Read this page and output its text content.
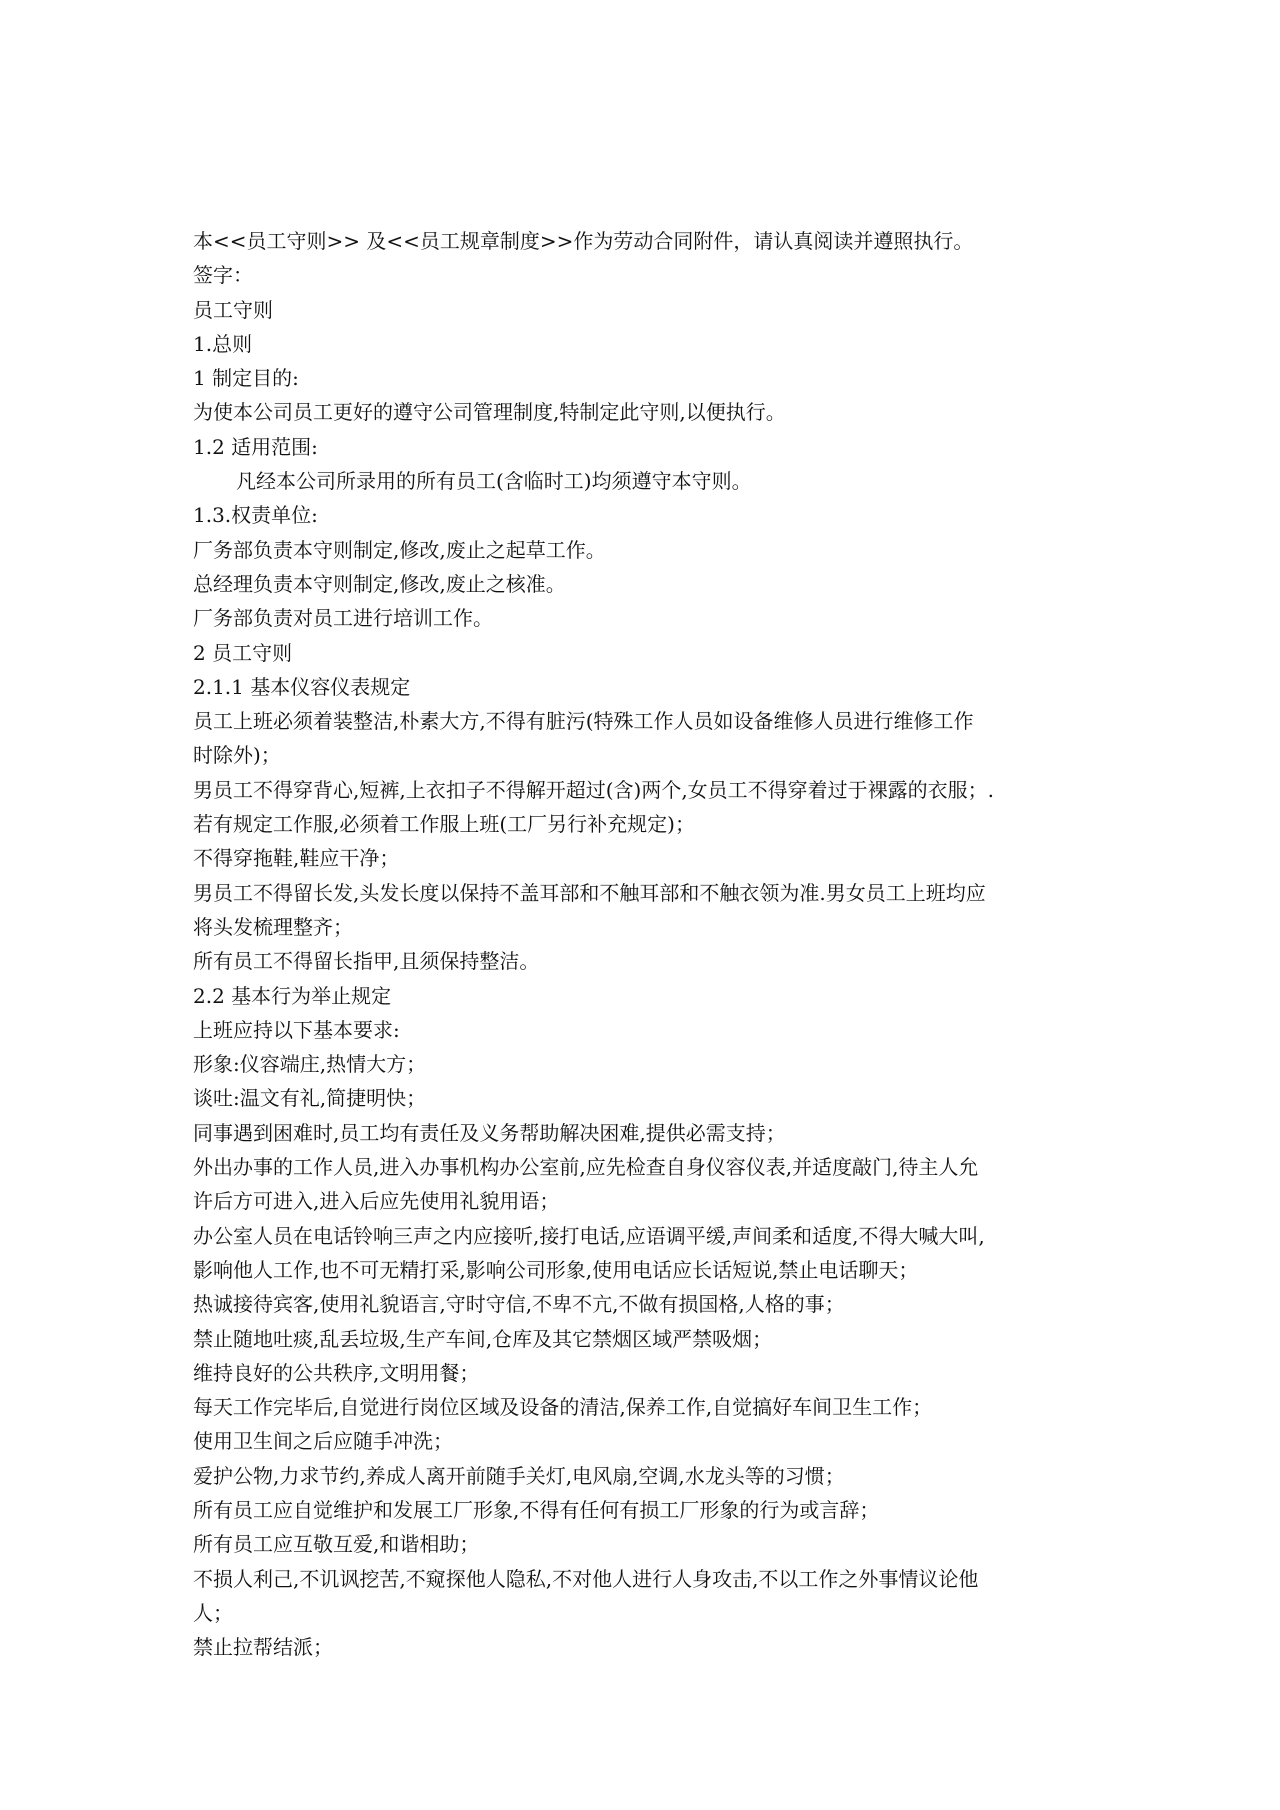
本<<员工守则>> 及<<员工规章制度>>作为劳动合同附件，请认真阅读并遵照执行。
签字：
员工守则
1.总则
1 制定目的:
为使本公司员工更好的遵守公司管理制度,特制定此守则,以便执行。
1.2 适用范围:
凡经本公司所录用的所有员工(含临时工)均须遵守本守则。
1.3.权责单位:
厂务部负责本守则制定,修改,废止之起草工作。
总经理负责本守则制定,修改,废止之核准。
厂务部负责对员工进行培训工作。
2 员工守则
2.1.1 基本仪容仪表规定
员工上班必须着装整洁,朴素大方,不得有脏污(特殊工作人员如设备维修人员进行维修工作
时除外)；
男员工不得穿背心,短裤,上衣扣子不得解开超过(含)两个,女员工不得穿着过于裸露的衣服；.
若有规定工作服,必须着工作服上班(工厂另行补充规定)；
不得穿拖鞋,鞋应干净；
男员工不得留长发,头发长度以保持不盖耳部和不触耳部和不触衣领为准.男女员工上班均应
将头发梳理整齐；
所有员工不得留长指甲,且须保持整洁。
2.2 基本行为举止规定
上班应持以下基本要求:
形象:仪容端庄,热情大方；
谈吐:温文有礼,简捷明快；
同事遇到困难时,员工均有责任及义务帮助解决困难,提供必需支持；
外出办事的工作人员,进入办事机构办公室前,应先检查自身仪容仪表,并适度敲门,待主人允
许后方可进入,进入后应先使用礼貌用语；
办公室人员在电话铃响三声之内应接听,接打电话,应语调平缓,声间柔和适度,不得大喊大叫,
影响他人工作,也不可无精打采,影响公司形象,使用电话应长话短说,禁止电话聊天；
热诚接待宾客,使用礼貌语言,守时守信,不卑不亢,不做有损国格,人格的事；
禁止随地吐痰,乱丢垃圾,生产车间,仓库及其它禁烟区域严禁吸烟；
维持良好的公共秩序,文明用餐；
每天工作完毕后,自觉进行岗位区域及设备的清洁,保养工作,自觉搞好车间卫生工作；
使用卫生间之后应随手冲洗；
爱护公物,力求节约,养成人离开前随手关灯,电风扇,空调,水龙头等的习惯；
所有员工应自觉维护和发展工厂形象,不得有任何有损工厂形象的行为或言辞；
所有员工应互敬互爱,和谐相助；
不损人利己,不讥讽挖苦,不窥探他人隐私,不对他人进行人身攻击,不以工作之外事情议论他
人；
禁止拉帮结派；
